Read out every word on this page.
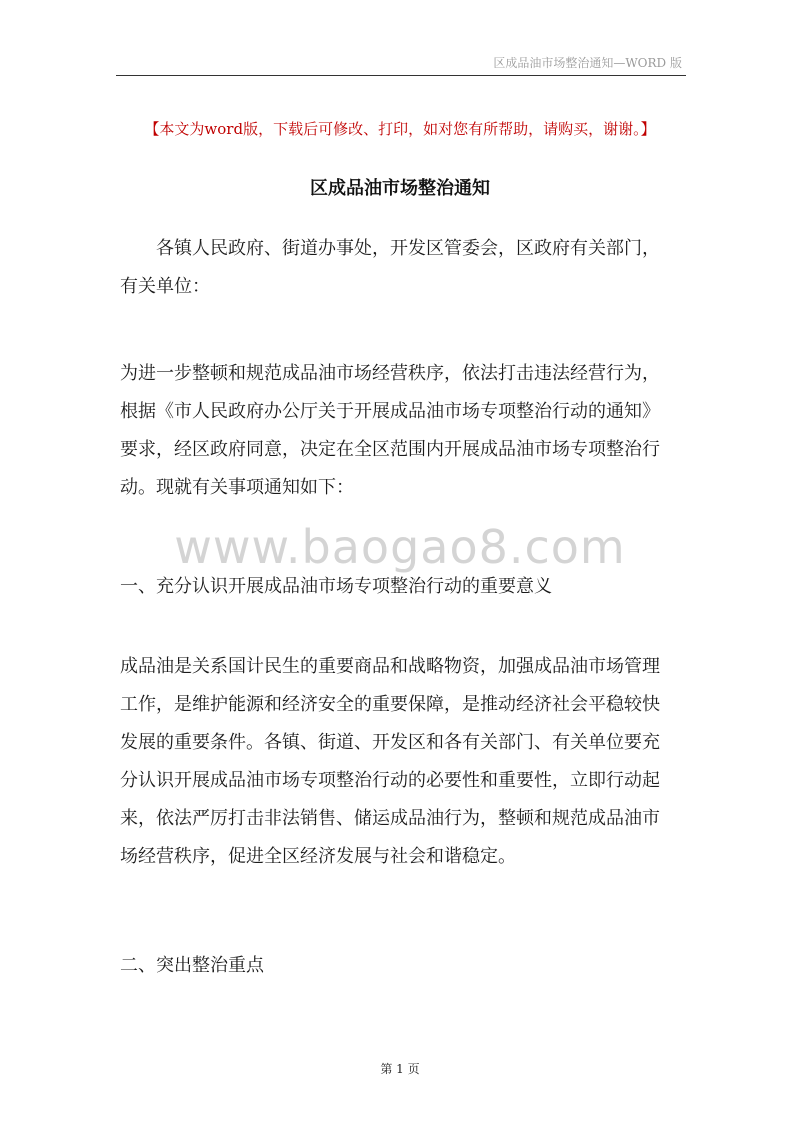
区成品油市场整治通知—WORD 版
【本文为word版，下载后可修改、打印，如对您有所帮助，请购买，谢谢。】
区成品油市场整治通知

各镇人民政府、街道办事处，开发区管委会，区政府有关部门，
有关单位：

为进一步整顿和规范成品油市场经营秩序，依法打击违法经营行为，
根据《市人民政府办公厅关于开展成品油市场专项整治行动的通知》
要求，经区政府同意，决定在全区范围内开展成品油市场专项整治行
动。现就有关事项通知如下：

www.baogao8.com
一、充分认识开展成品油市场专项整治行动的重要意义

成品油是关系国计民生的重要商品和战略物资，加强成品油市场管理
工作，是维护能源和经济安全的重要保障，是推动经济社会平稳较快
发展的重要条件。各镇、街道、开发区和各有关部门、有关单位要充
分认识开展成品油市场专项整治行动的必要性和重要性，立即行动起
来，依法严厉打击非法销售、储运成品油行为，整顿和规范成品油市
场经营秩序，促进全区经济发展与社会和谐稳定。

二、突出整治重点
第 1 页
